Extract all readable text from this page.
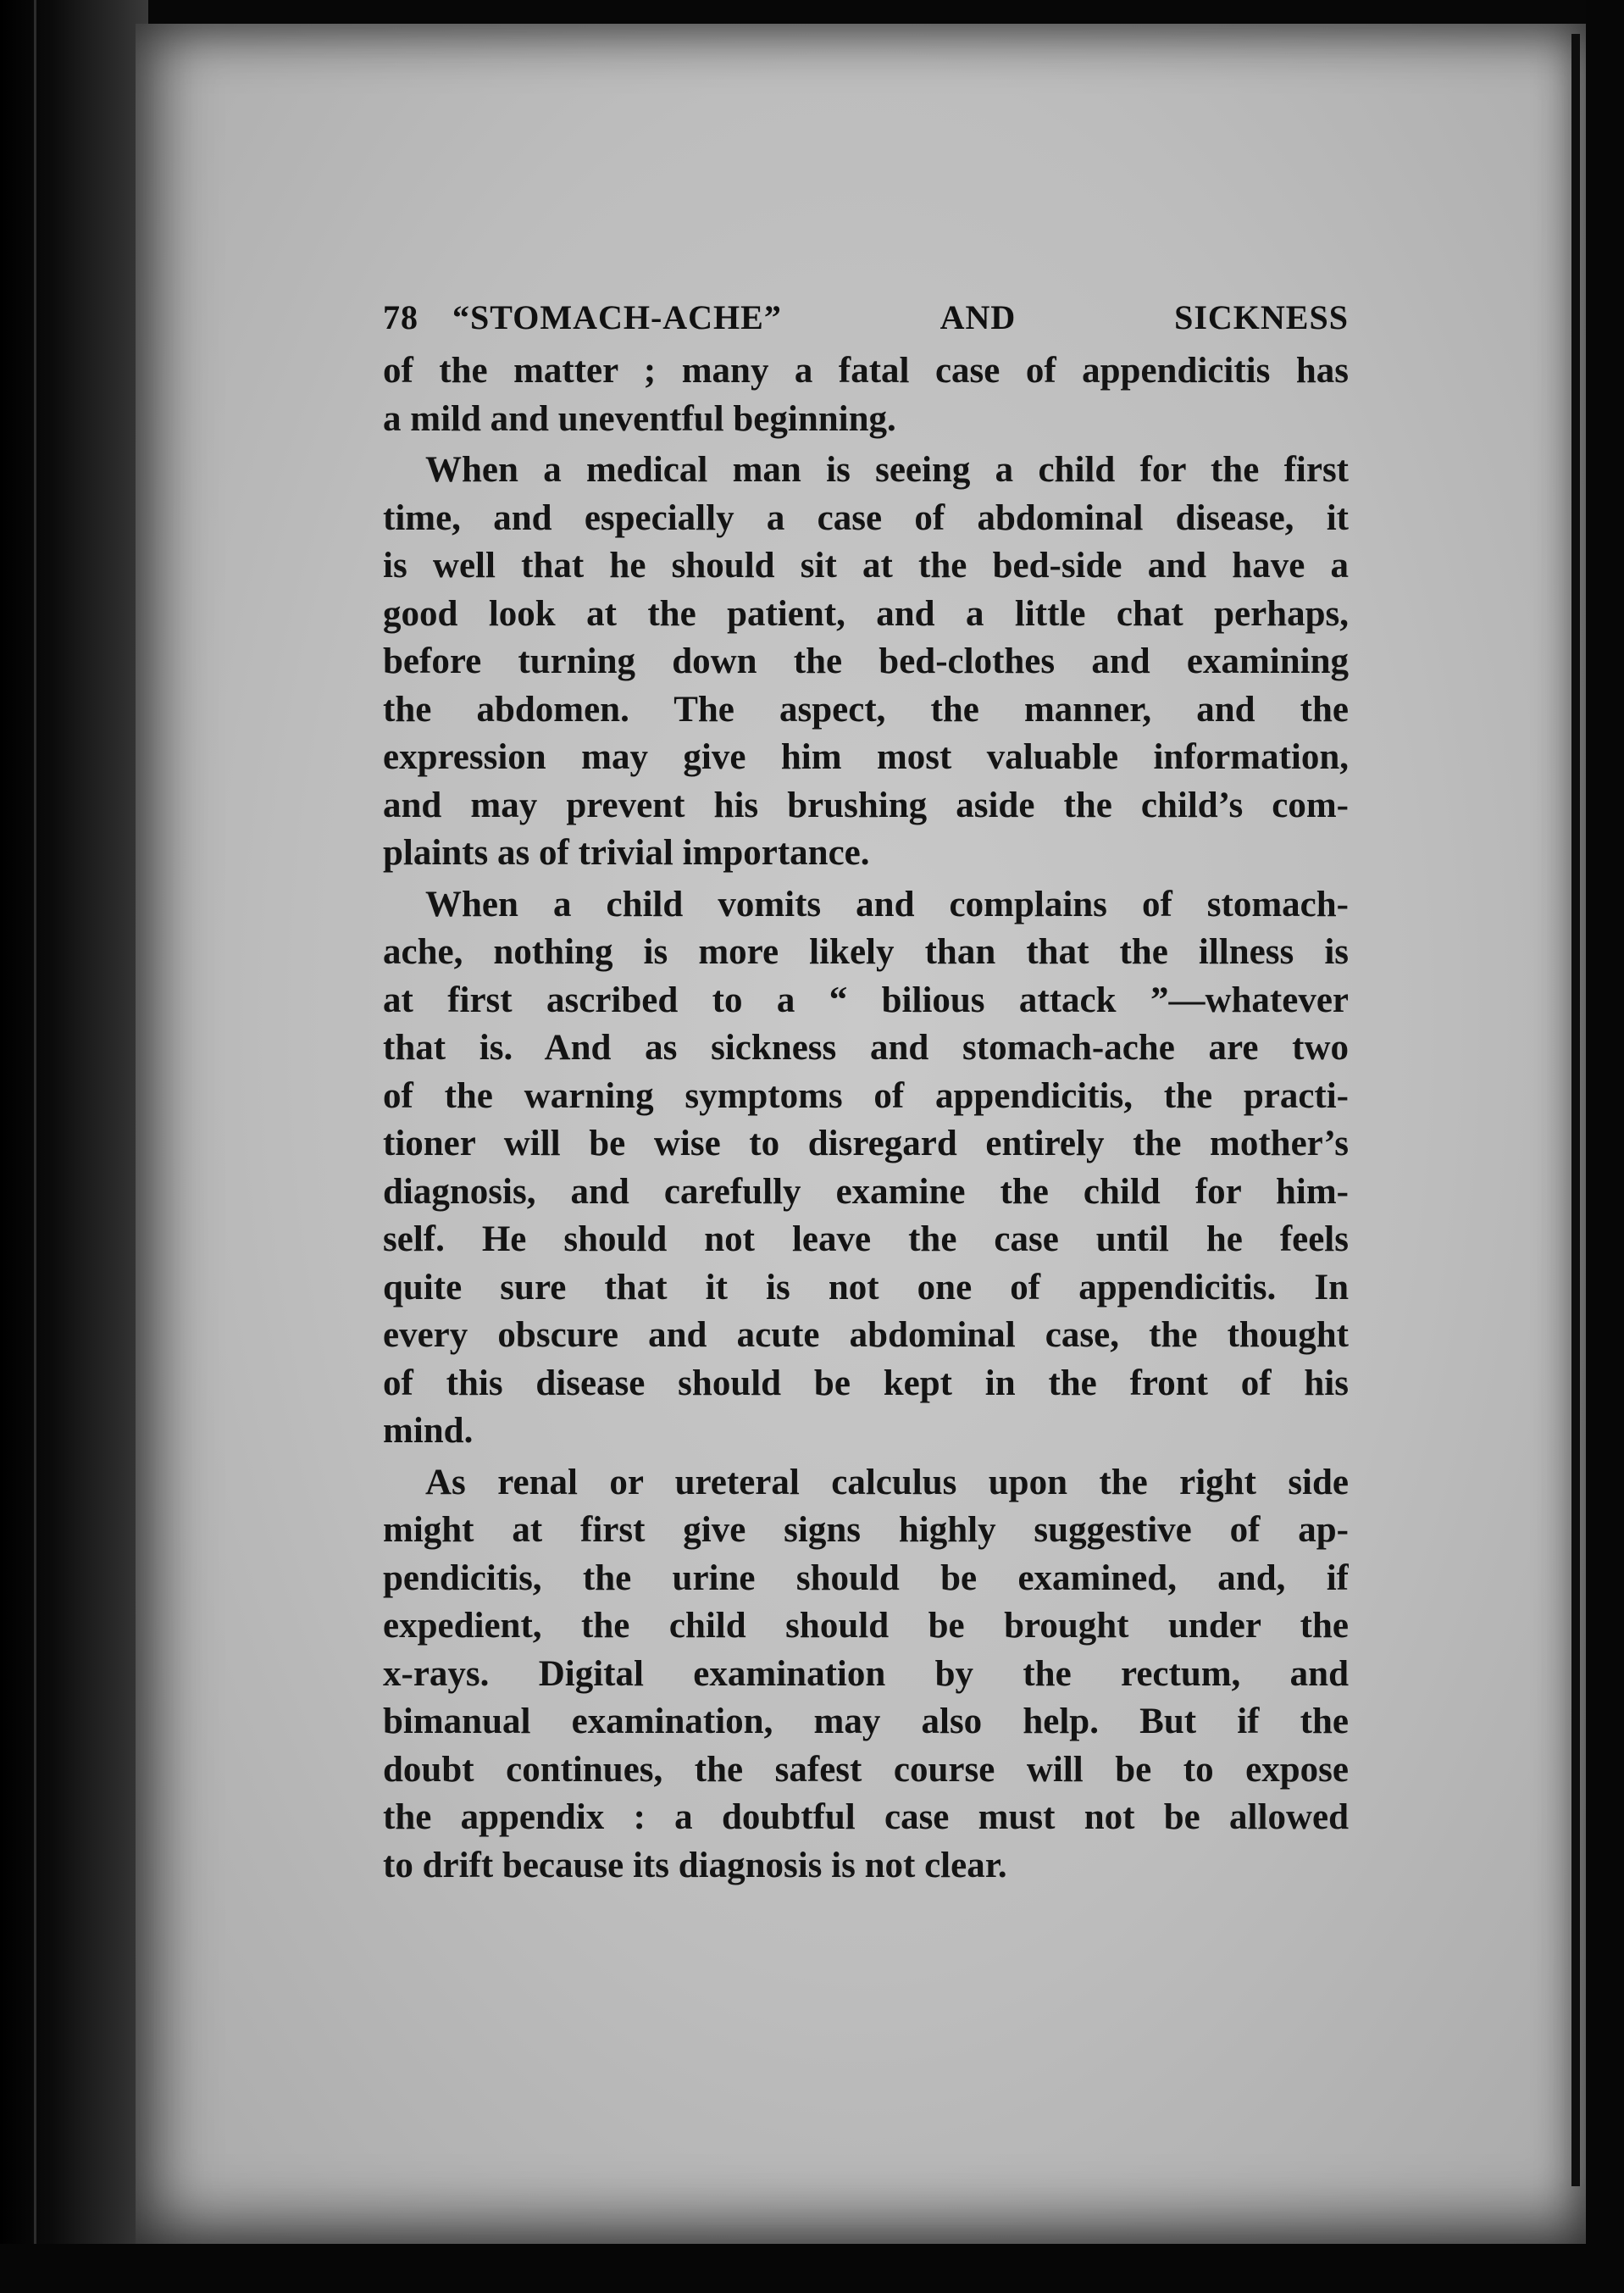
78 “STOMACH-ACHE”	AND	SICKNESS
of the matter ; many a fatal case of appendicitis has
a mild and uneventful beginning.
When a medical man is seeing a child for the first
time, and especially a case of abdominal disease, it
is well that he should sit at the bed-side and have a
good look at the patient, and a little chat perhaps,
before turning down the bed-clothes and examining
the abdomen. The aspect, the manner, and the
expression may give him most valuable information,
and may prevent his brushing aside the child’s com-
plaints as of trivial importance.
When a child vomits and complains of stomach-
ache, nothing is more likely than that the illness is
at first ascribed to a “ bilious attack ”—whatever
that is. And as sickness and stomach-ache are two
of the warning symptoms of appendicitis, the practi-
tioner will be wise to disregard entirely the mother’s
diagnosis, and carefully examine the child for him-
self. He should not leave the case until he feels
quite sure that it is not one of appendicitis. In
every obscure and acute abdominal case, the thought
of this disease should be kept in the front of his
mind.
As renal or ureteral calculus upon the right side
might at first give signs highly suggestive of ap-
pendicitis, the urine should be examined, and, if
expedient, the child should be brought under the
x-rays. Digital examination by the rectum, and
bimanual examination, may also help. But if the
doubt continues, the safest course will be to expose
the appendix : a doubtful case must not be allowed
to drift because its diagnosis is not clear.
